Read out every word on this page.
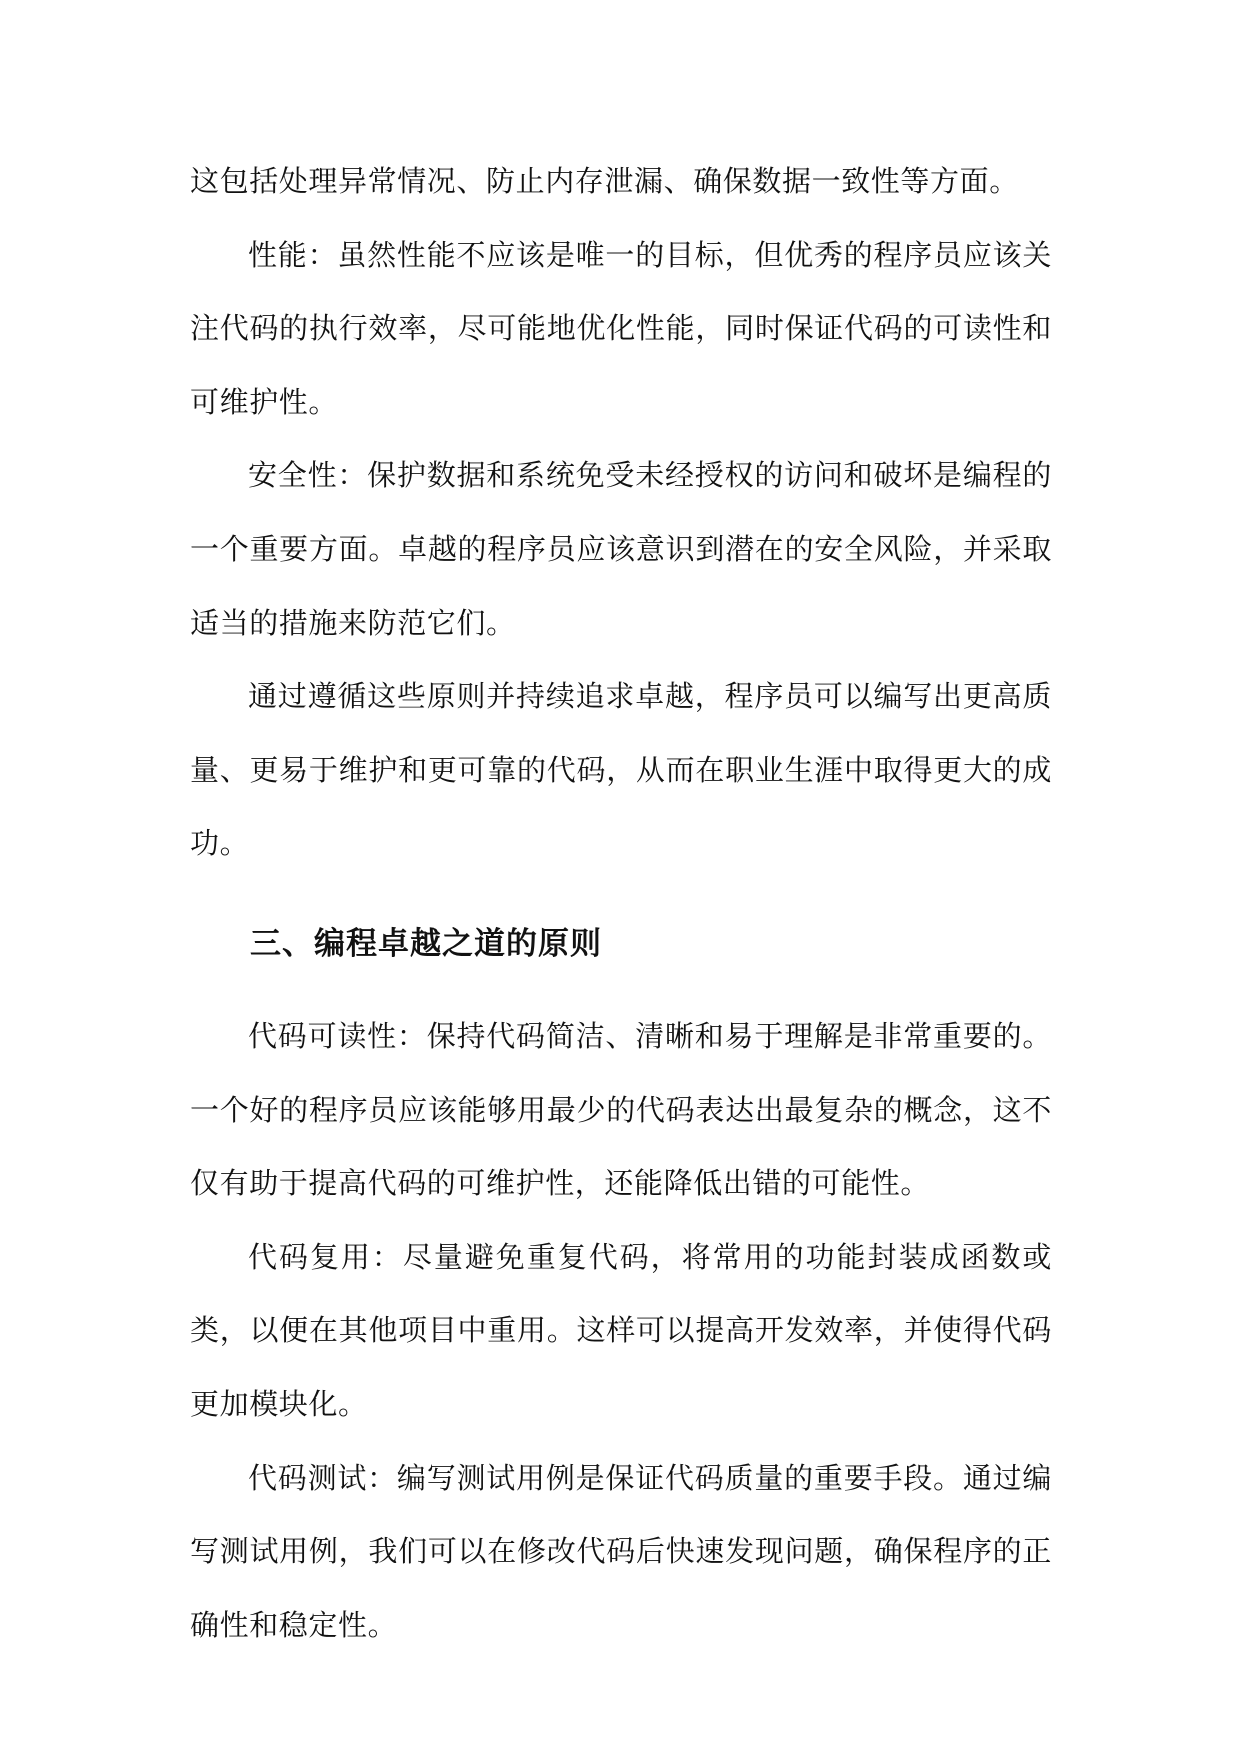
这包括处理异常情况、防止内存泄漏、确保数据一致性等方面。

性能：虽然性能不应该是唯一的目标，但优秀的程序员应该关注代码的执行效率，尽可能地优化性能，同时保证代码的可读性和可维护性。

安全性：保护数据和系统免受未经授权的访问和破坏是编程的一个重要方面。卓越的程序员应该意识到潜在的安全风险，并采取适当的措施来防范它们。

通过遵循这些原则并持续追求卓越，程序员可以编写出更高质量、更易于维护和更可靠的代码，从而在职业生涯中取得更大的成功。

三、编程卓越之道的原则

代码可读性：保持代码简洁、清晰和易于理解是非常重要的。一个好的程序员应该能够用最少的代码表达出最复杂的概念，这不仅有助于提高代码的可维护性，还能降低出错的可能性。

代码复用：尽量避免重复代码，将常用的功能封装成函数或类，以便在其他项目中重用。这样可以提高开发效率，并使得代码更加模块化。

代码测试：编写测试用例是保证代码质量的重要手段。通过编写测试用例，我们可以在修改代码后快速发现问题，确保程序的正确性和稳定性。
